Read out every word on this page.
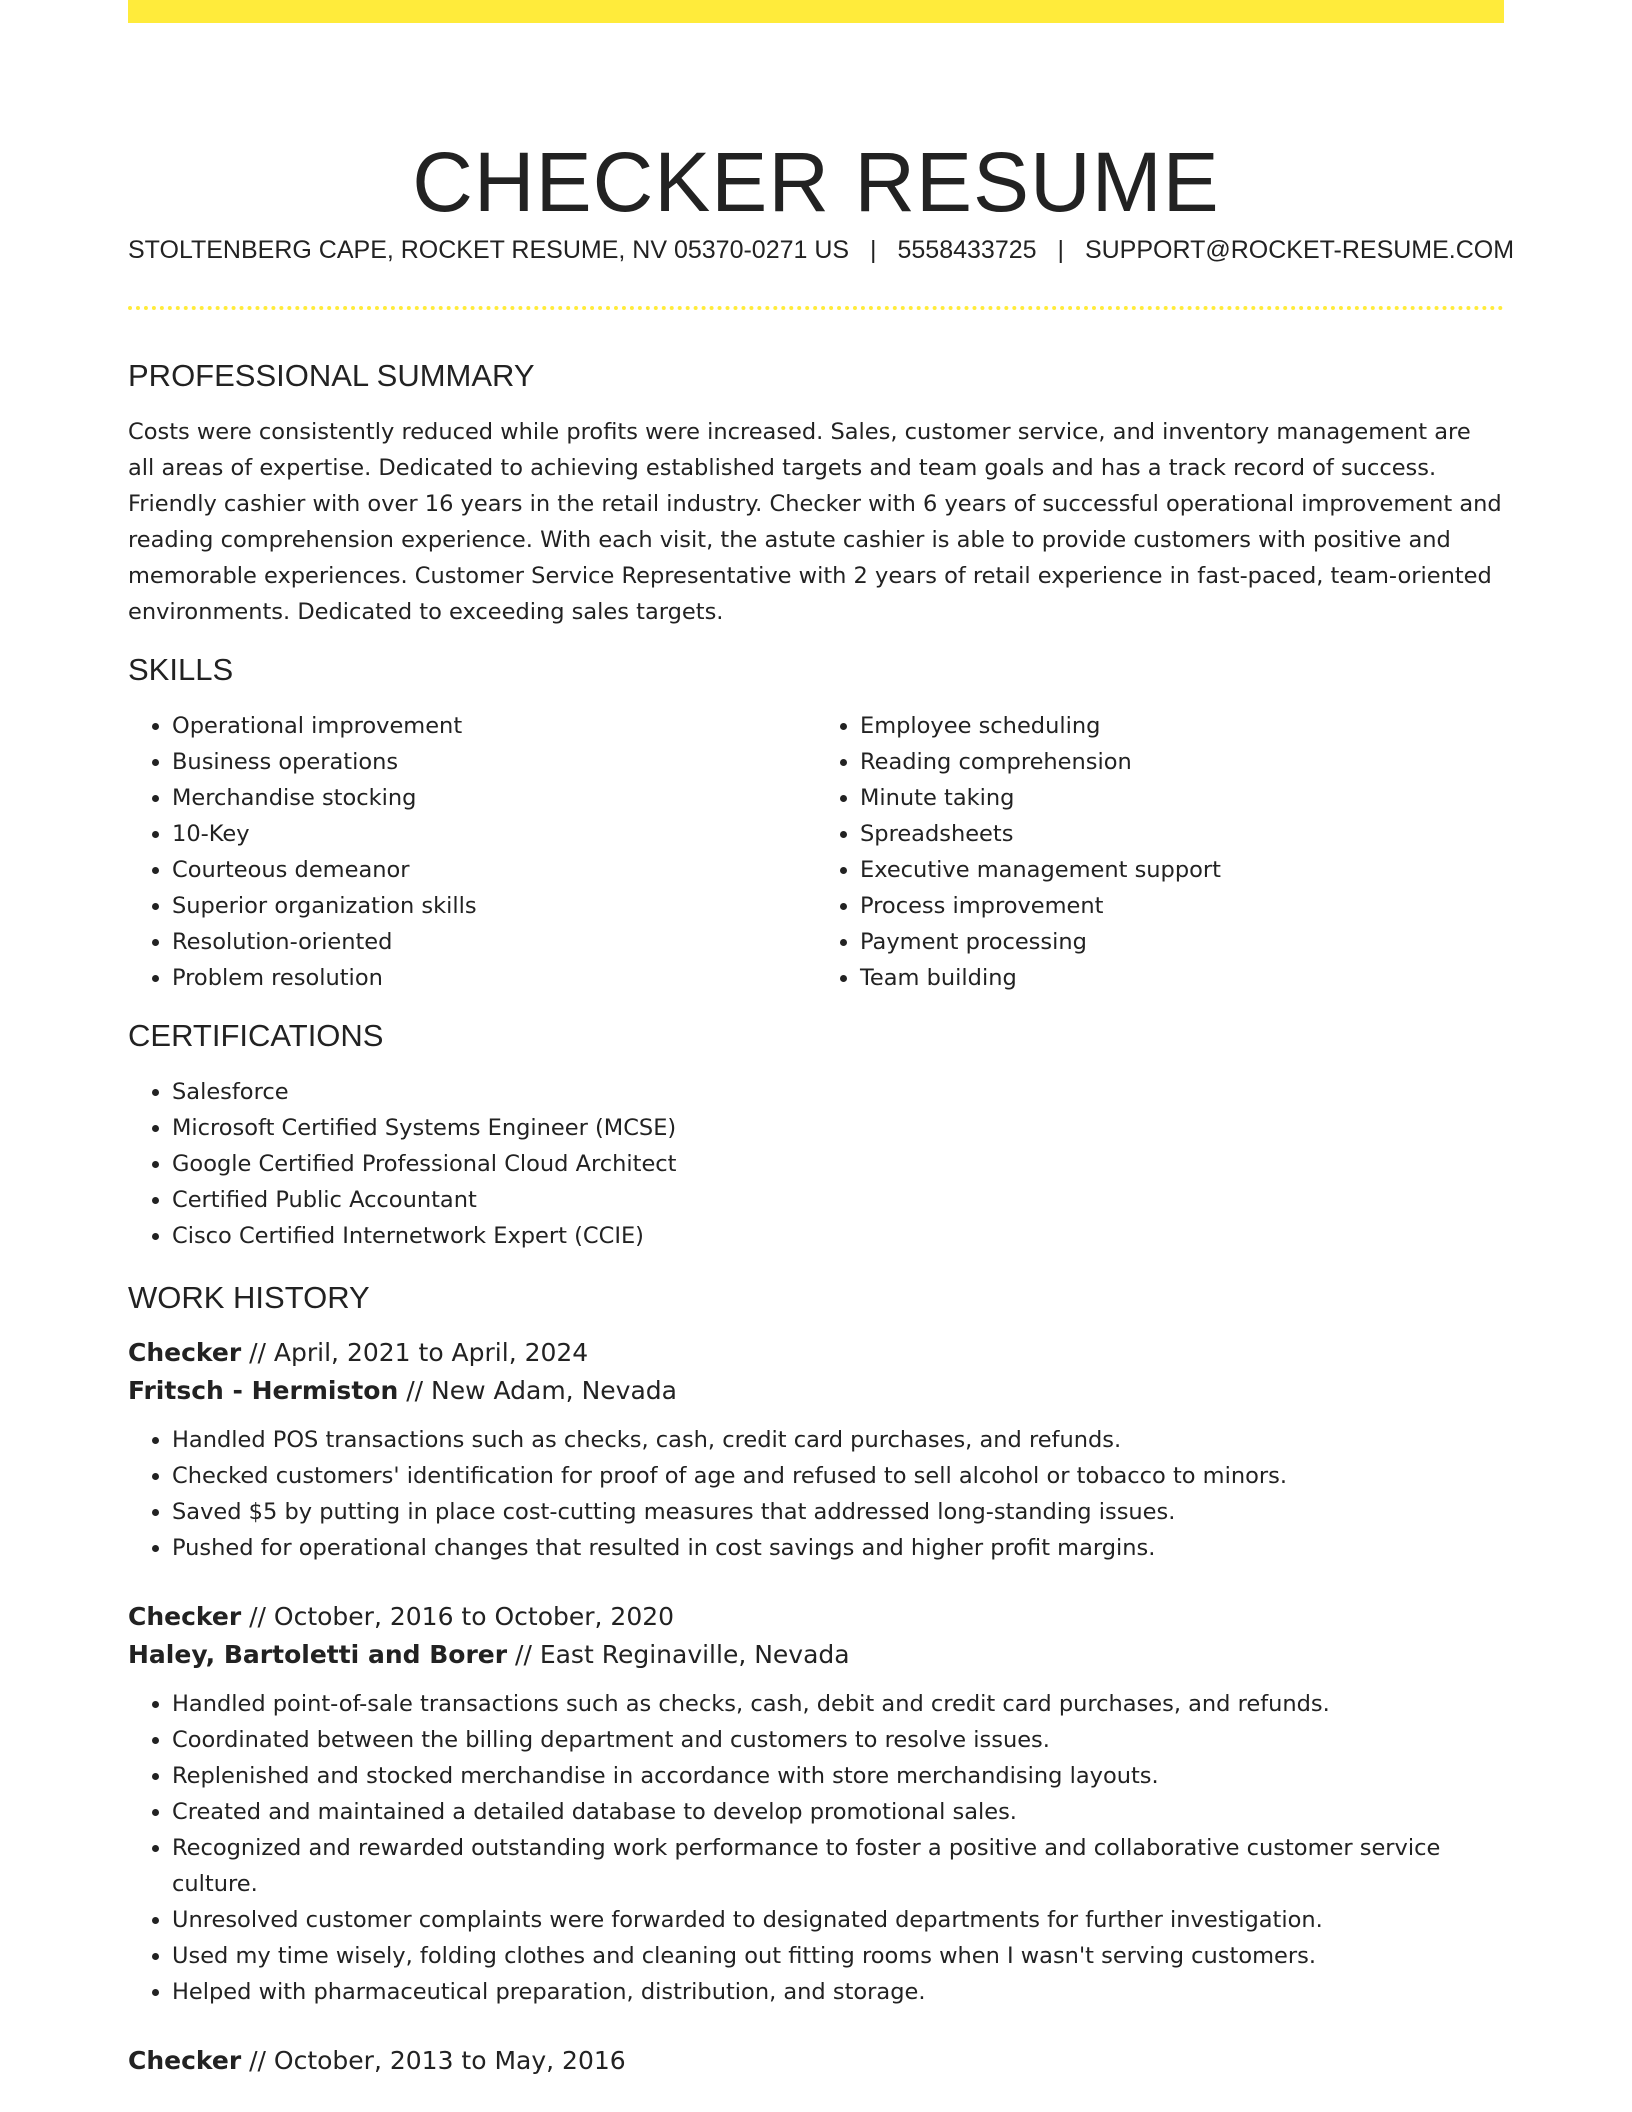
CHECKER RESUME
STOLTENBERG CAPE, ROCKET RESUME, NV 05370-0271 US | 5558433725 | SUPPORT@ROCKET-RESUME.COM
PROFESSIONAL SUMMARY

Costs were consistently reduced while profits were increased. Sales, customer service, and inventory management are all areas of expertise. Dedicated to achieving established targets and team goals and has a track record of success. Friendly cashier with over 16 years in the retail industry. Checker with 6 years of successful operational improvement and reading comprehension experience. With each visit, the astute cashier is able to provide customers with positive and memorable experiences. Customer Service Representative with 2 years of retail experience in fast-paced, team-oriented environments. Dedicated to exceeding sales targets.

SKILLS
• Operational improvement
• Business operations
• Merchandise stocking
• 10-Key
• Courteous demeanor
• Superior organization skills
• Resolution-oriented
• Problem resolution
• Employee scheduling
• Reading comprehension
• Minute taking
• Spreadsheets
• Executive management support
• Process improvement
• Payment processing
• Team building
CERTIFICATIONS
• Salesforce
• Microsoft Certified Systems Engineer (MCSE)
• Google Certified Professional Cloud Architect
• Certified Public Accountant
• Cisco Certified Internetwork Expert (CCIE)
WORK HISTORY
Checker // April, 2021 to April, 2024
Fritsch - Hermiston // New Adam, Nevada
• Handled POS transactions such as checks, cash, credit card purchases, and refunds.
• Checked customers' identification for proof of age and refused to sell alcohol or tobacco to minors.
• Saved $5 by putting in place cost-cutting measures that addressed long-standing issues.
• Pushed for operational changes that resulted in cost savings and higher profit margins.
Checker // October, 2016 to October, 2020
Haley, Bartoletti and Borer // East Reginaville, Nevada
• Handled point-of-sale transactions such as checks, cash, debit and credit card purchases, and refunds.
• Coordinated between the billing department and customers to resolve issues.
• Replenished and stocked merchandise in accordance with store merchandising layouts.
• Created and maintained a detailed database to develop promotional sales.
• Recognized and rewarded outstanding work performance to foster a positive and collaborative customer service culture.
• Unresolved customer complaints were forwarded to designated departments for further investigation.
• Used my time wisely, folding clothes and cleaning out fitting rooms when I wasn't serving customers.
• Helped with pharmaceutical preparation, distribution, and storage.
Checker // October, 2013 to May, 2016
